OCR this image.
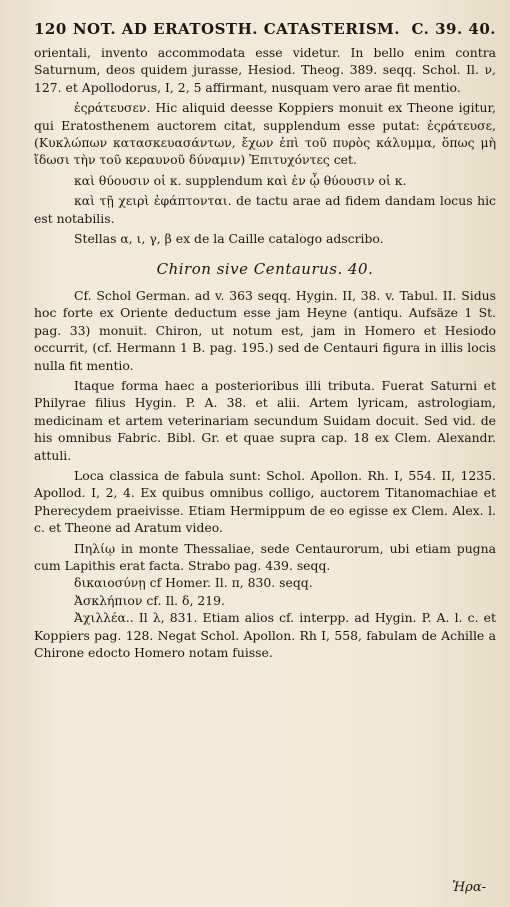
120 NOT. AD ERATOSTH. CATASTERISM. C. 39. 40.

orientali, invento accommodata esse videtur. In bello enim contra Saturnum, deos quidem jurasse, Hesiod. Theog. 389. seqq. Schol. Il. ν, 127. et Apollodorus, I, 2, 5 affirmant, nusquam vero arae fit mentio.

ἐςράτευσεν. Hic aliquid deesse Koppiers monuit ex Theone igitur, qui Eratosthenem auctorem citat, supplendum esse putat: ἐςράτευσε, (Κυκλώπων κατασκευασάντων, ἔχων ἐπὶ τοῦ πυρὸς κάλυμμα, ὅπως μὴ ἴδωσι τὴν τοῦ κεραυνοῦ δύναμιν) Ἐπιτυχόντες cet.

καὶ θύουσιν οἱ κ. supplendum καὶ ἐν ᾧ θύουσιν οἱ κ.

καὶ τῇ χειρὶ ἐφάπτονται. de tactu arae ad fidem dandam locus hic est notabilis.

Stellas α, ι, γ, β ex de la Caille catalogo adscribo.

Chiron sive Centaurus. 40.

Cf. Schol German. ad v. 363 seqq. Hygin. II, 38. v. Tabul. II. Sidus hoc forte ex Oriente deductum esse jam Heyne (antiqu. Aufsäze 1 St. pag. 33) monuit. Chiron, ut notum est, jam in Homero et Hesiodo occurrit, (cf. Hermann 1 B. pag. 195.) sed de Centauri figura in illis locis nulla fit mentio.

Itaque forma haec a posterioribus illi tributa. Fuerat Saturni et Philyrae filius Hygin. P. A. 38. et alii. Artem lyricam, astrologiam, medicinam et artem veterinariam secundum Suidam docuit. Sed vid. de his omnibus Fabric. Bibl. Gr. et quae supra cap. 18 ex Clem. Alexandr. attuli.

Loca classica de fabula sunt: Schol. Apollon. Rh. I, 554. II, 1235. Apollod. I, 2, 4. Ex quibus omnibus colligo, auctorem Titanomachiae et Pherecydem praeivisse. Etiam Hermippum de eo egisse ex Clem. Alex. l. c. et Theone ad Aratum video.

Πηλίῳ in monte Thessaliae, sede Centaurorum, ubi etiam pugna cum Lapithis erat facta. Strabo pag. 439. seqq.

δικαιοσύνῃ cf Homer. Il. π, 830. seqq.

Ἀσκλήπιον cf. Il. δ, 219.

Ἀχιλλέα.. Il λ, 831. Etiam alios cf. interpp. ad Hygin. P. A. l. c. et Koppiers pag. 128. Negat Schol. Apollon. Rh I, 558, fabulam de Achille a Chirone edocto Homero notam fuisse.

Ἡρα-
